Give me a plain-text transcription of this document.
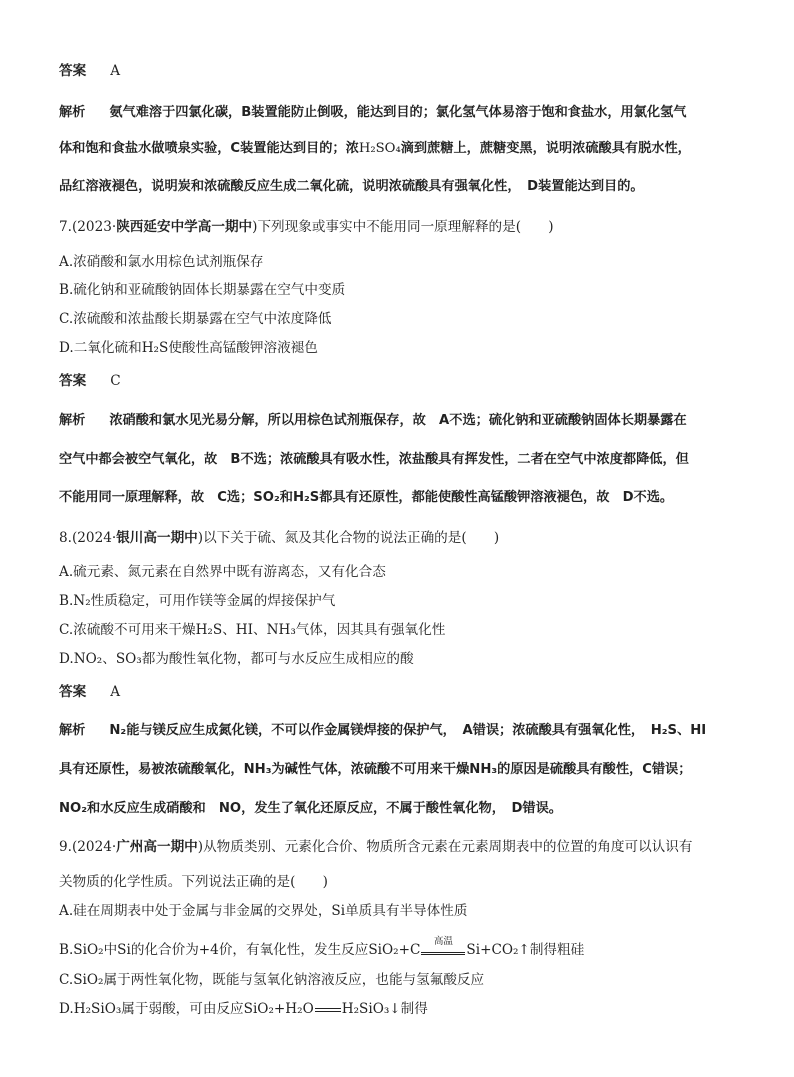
答案 A
解析 氨气难溶于四氯化碳，B装置能防止倒吸，能达到目的；氯化氢气体易溶于饱和食盐水，用氯化氢气
体和饱和食盐水做喷泉实验，C装置能达到目的；浓H₂SO₄滴到蔗糖上，蔗糖变黑，说明浓硫酸具有脱水性，
品红溶液褪色，说明炭和浓硫酸反应生成二氧化硫，说明浓硫酸具有强氧化性，　D装置能达到目的。
7.(2023·陕西延安中学高一期中)下列现象或事实中不能用同一原理解释的是(　　)
A.浓硝酸和氯水用棕色试剂瓶保存
B.硫化钠和亚硫酸钠固体长期暴露在空气中变质
C.浓硫酸和浓盐酸长期暴露在空气中浓度降低
D.二氧化硫和H₂S使酸性高锰酸钾溶液褪色
答案 C
解析 浓硝酸和氯水见光易分解，所以用棕色试剂瓶保存，故　A不选；硫化钠和亚硫酸钠固体长期暴露在
空气中都会被空气氧化，故　B不选；浓硫酸具有吸水性，浓盐酸具有挥发性，二者在空气中浓度都降低，但
不能用同一原理解释，故　C选；SO₂和H₂S都具有还原性，都能使酸性高锰酸钾溶液褪色，故　D不选。
8.(2024·银川高一期中)以下关于硫、氮及其化合物的说法正确的是(　　)
A.硫元素、氮元素在自然界中既有游离态，又有化合态
B.N₂性质稳定，可用作镁等金属的焊接保护气
C.浓硫酸不可用来干燥H₂S、HI、NH₃气体，因其具有强氧化性
D.NO₂、SO₃都为酸性氧化物，都可与水反应生成相应的酸
答案 A
解析 N₂能与镁反应生成氮化镁，不可以作金属镁焊接的保护气，　A错误；浓硫酸具有强氧化性，　H₂S、HI
具有还原性，易被浓硫酸氧化，NH₃为碱性气体，浓硫酸不可用来干燥NH₃的原因是硫酸具有酸性，C错误；
NO₂和水反应生成硝酸和　NO，发生了氧化还原反应，不属于酸性氧化物，　D错误。
9.(2024·广州高一期中)从物质类别、元素化合价、物质所含元素在元素周期表中的位置的角度可以认识有
关物质的化学性质。下列说法正确的是(　　)
A.硅在周期表中处于金属与非金属的交界处，Si单质具有半导体性质
B.SiO₂中Si的化合价为+4价，有氧化性，发生反应SiO₂+C
高温
Si+CO₂↑制得粗硅
C.SiO₂属于两性氧化物，既能与氢氧化钠溶液反应，也能与氢氟酸反应
D.H₂SiO₃属于弱酸，可由反应SiO₂+H₂O H₂SiO₃↓制得
